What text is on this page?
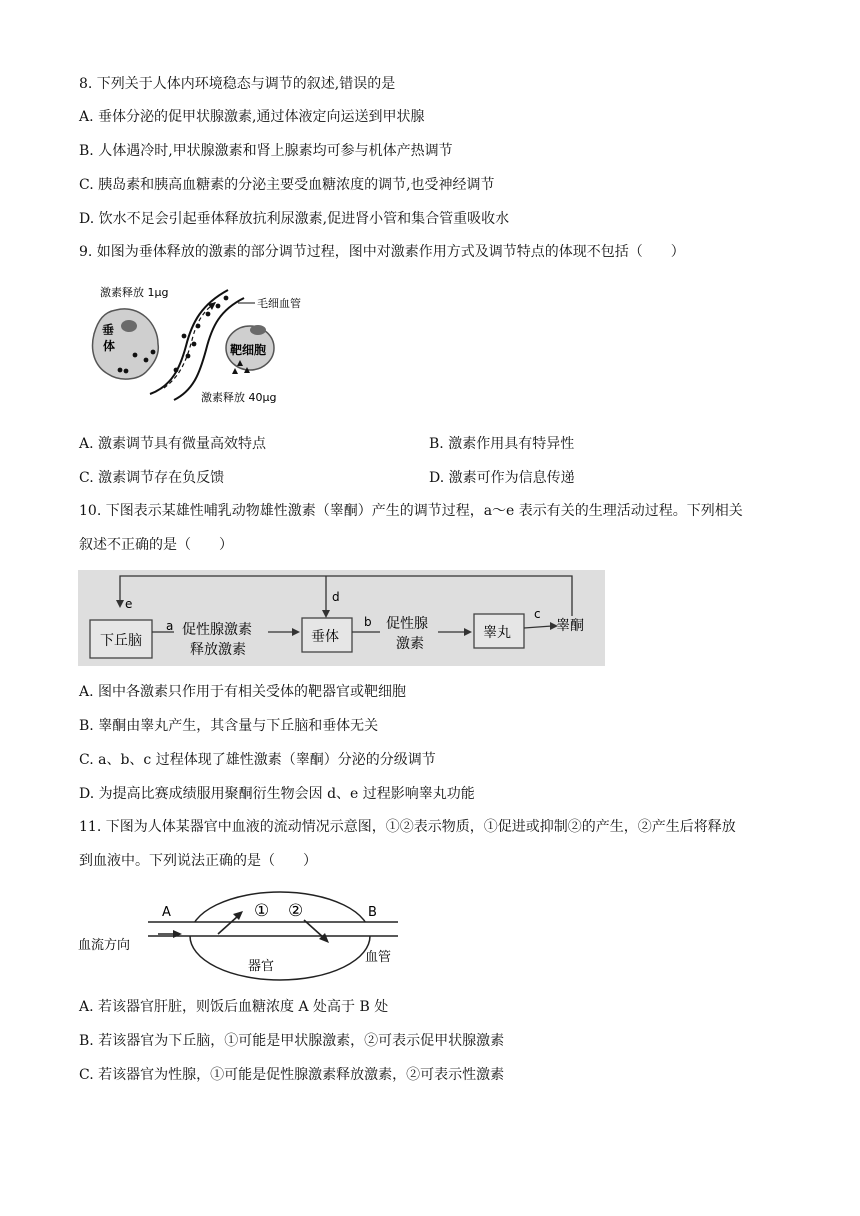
8. 下列关于人体内环境稳态与调节的叙述,错误的是
A. 垂体分泌的促甲状腺激素,通过体液定向运送到甲状腺
B. 人体遇冷时,甲状腺激素和肾上腺素均可参与机体产热调节
C. 胰岛素和胰高血糖素的分泌主要受血糖浓度的调节,也受神经调节
D. 饮水不足会引起垂体释放抗利尿激素,促进肾小管和集合管重吸收水
9. 如图为垂体释放的激素的部分调节过程，图中对激素作用方式及调节特点的体现不包括（　　）
激素释放 1μg
毛细血管
垂
体	靶细胞
激素释放 40μg
A. 激素调节具有微量高效特点	B. 激素作用具有特异性
C. 激素调节存在负反馈	D. 激素可作为信息传递
10. 下图表示某雄性哺乳动物雄性激素（睾酮）产生的调节过程，a～e 表示有关的生理活动过程。下列相关
叙述不正确的是（　　）
e	d
下丘脑
a 促性腺激素
释放激素
垂体
b 促性腺
激素
睾丸
c
睾酮
A. 图中各激素只作用于有相关受体的靶器官或靶细胞
B. 睾酮由睾丸产生，其含量与下丘脑和垂体无关
C. a、b、c 过程体现了雄性激素（睾酮）分泌的分级调节
D. 为提高比赛成绩服用聚酮衍生物会因 d、e 过程影响睾丸功能
11. 下图为人体某器官中血液的流动情况示意图，①②表示物质，①促进或抑制②的产生，②产生后将释放
到血液中。下列说法正确的是（　　）
A	B
血流方向
① ②
器官
血管
A. 若该器官肝脏，则饭后血糖浓度 A 处高于 B 处
B. 若该器官为下丘脑，①可能是甲状腺激素，②可表示促甲状腺激素
C. 若该器官为性腺，①可能是促性腺激素释放激素，②可表示性激素
